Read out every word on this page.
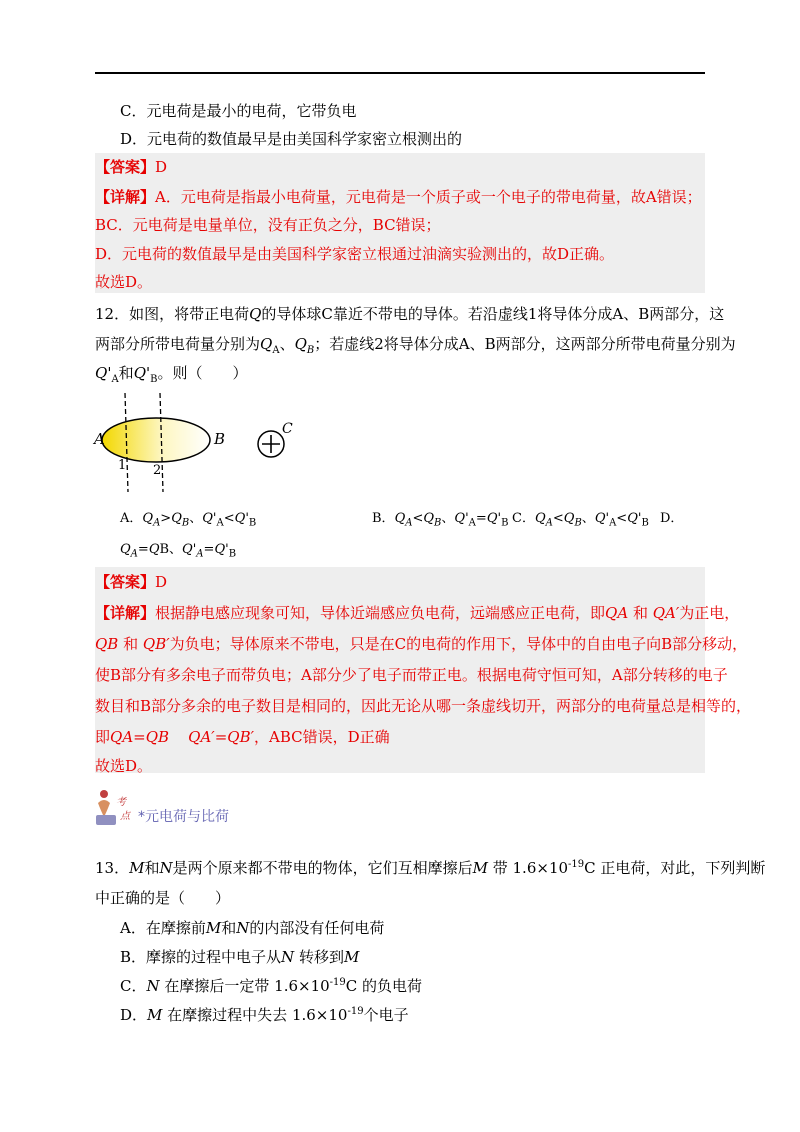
C．元电荷是最小的电荷，它带负电
D．元电荷的数值最早是由美国科学家密立根测出的
【答案】D
【详解】A．元电荷是指最小电荷量，元电荷是一个质子或一个电子的带电荷量，故A错误；
BC．元电荷是电量单位，没有正负之分，BC错误；
D．元电荷的数值最早是由美国科学家密立根通过油滴实验测出的，故D正确。
故选D。
12．如图，将带正电荷Q的导体球C靠近不带电的导体。若沿虚线1将导体分成A、B两部分，这
两部分所带电荷量分别为$Q_A$、$Q_B$；若虚线2将导体分成A、B两部分，这两部分所带电荷量分别为
$Q'_A$和$Q'_B$。则（　　）
A	B
1 2
C
A．$Q_A>Q_B$、$Q'_A<Q'_B$	B．$Q_A<Q_B$、$Q'_A=Q'_B$ C．$Q_A<Q_B$、$Q'_A<Q'_B$ D．
$Q_A=QB$、$Q'_A=Q'_B$
【答案】D
【详解】根据静电感应现象可知，导体近端感应负电荷，远端感应正电荷，即QA 和 QA′为正电，
QB 和 QB′为负电；导体原来不带电，只是在C的电荷的作用下，导体中的自由电子向B部分移动，
使B部分有多余电子而带负电；A部分少了电子而带正电。根据电荷守恒可知，A部分转移的电子
数目和B部分多余的电子数目是相同的，因此无论从哪一条虚线切开，两部分的电荷量总是相等的，
即QA=QB QA′=QB′，ABC错误，D正确
故选D。
考
点 *元电荷与比荷
13．M和N是两个原来都不带电的物体，它们互相摩擦后M 带 $1.6\times 10^{-19}C$ 正电荷，对此，下列判断
中正确的是（　　）
A．在摩擦前M和N的内部没有任何电荷
B．摩擦的过程中电子从N 转移到M
C．N 在摩擦后一定带 $1.6\times 10^{-19}C$ 的负电荷
D．M 在摩擦过程中失去 $1.6\times 10^{-19}$个电子
